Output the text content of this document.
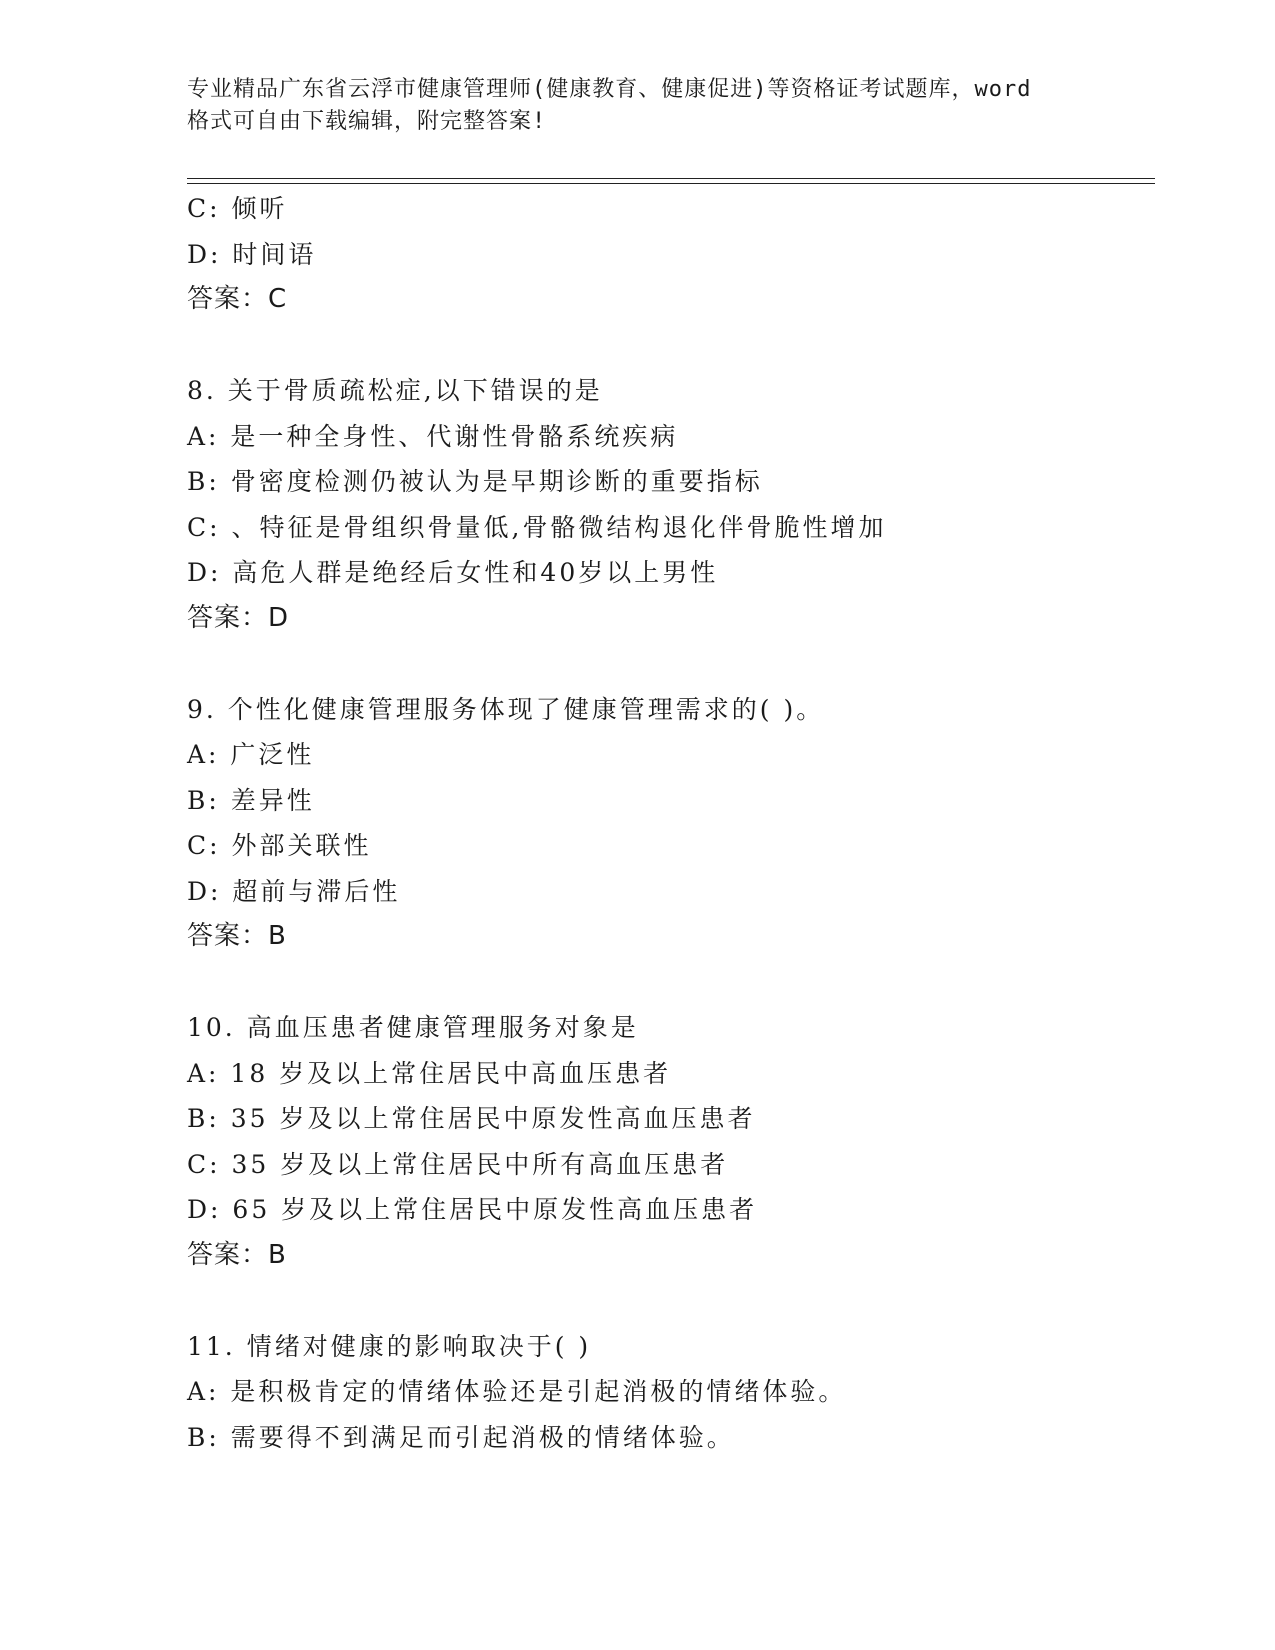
专业精品广东省云浮市健康管理师(健康教育、健康促进)等资格证考试题库，word
格式可自由下载编辑，附完整答案!
C: 倾听
D: 时间语
答案：C
8. 关于骨质疏松症,以下错误的是
A: 是一种全身性、代谢性骨骼系统疾病
B: 骨密度检测仍被认为是早期诊断的重要指标
C: 、特征是骨组织骨量低,骨骼微结构退化伴骨脆性增加
D: 高危人群是绝经后女性和40岁以上男性
答案：D
9. 个性化健康管理服务体现了健康管理需求的( )。
A: 广泛性
B: 差异性
C: 外部关联性
D: 超前与滞后性
答案：B
10. 高血压患者健康管理服务对象是
A: 18 岁及以上常住居民中高血压患者
B: 35 岁及以上常住居民中原发性高血压患者
C: 35 岁及以上常住居民中所有高血压患者
D: 65 岁及以上常住居民中原发性高血压患者
答案：B
11. 情绪对健康的影响取决于( )
A: 是积极肯定的情绪体验还是引起消极的情绪体验。
B: 需要得不到满足而引起消极的情绪体验。
